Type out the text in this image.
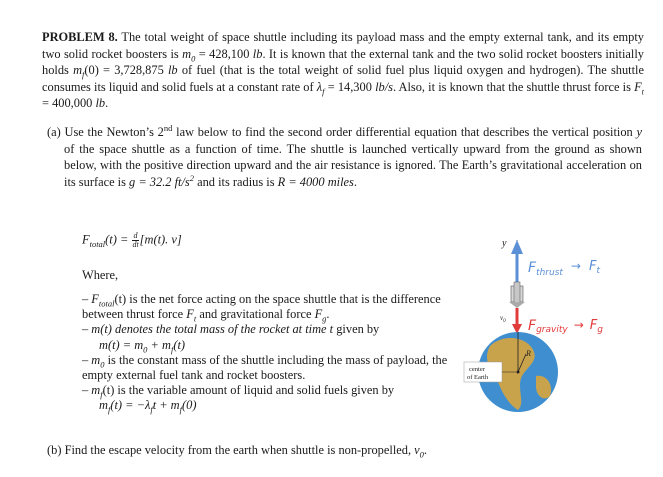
PROBLEM 8. The total weight of space shuttle including its payload mass and the empty external tank, and its empty two solid rocket boosters is $m_0 = 428,100$ lb. It is known that the external tank and the two solid rocket boosters initially holds $m_f(0) = 3,728,875$ lb of fuel (that is the total weight of solid fuel plus liquid oxygen and hydrogen). The shuttle consumes its liquid and solid fuels at a constant rate of $\lambda_f = 14,300$ lb/s. Also, it is known that the shuttle thrust force is $F_t = 400,000$ lb.

(a) Use the Newton’s 2nd law below to find the second order differential equation that describes the vertical position y of the space shuttle as a function of time. The shuttle is launched vertically upward from the ground as shown below, with the positive direction upward and the air resistance is ignored. The Earth’s gravitational acceleration on its surface is g = 32.2 $ft/s^2$ and its radius is R = 4000 miles.

$F_{total}(t) = \frac{d}{dt} [m(t)$. v]
Where,
– $F_{total}(t)$ is the net force acting on the space shuttle that is the difference between thrust force $F_t$ and gravitational force $F_g$.
– m(t) denotes the total mass of the rocket at time t given by

$m(t) = m_0 + m_f(t)$
– $m_0$ is the constant mass of the shuttle including the mass of payload, the empty external fuel tank and rocket boosters.
– $m_f(t)$ is the variable amount of liquid and solid fuels given by

$m_f(t) = -\lambda_ft + m_f(0)$
(b) Find the escape velocity from the earth when shuttle is non-propelled, $v_0$.
y
R
center
of Earth
$v_0$
$F_{thrust} \to F_t$
Fgravity → $F_g$
